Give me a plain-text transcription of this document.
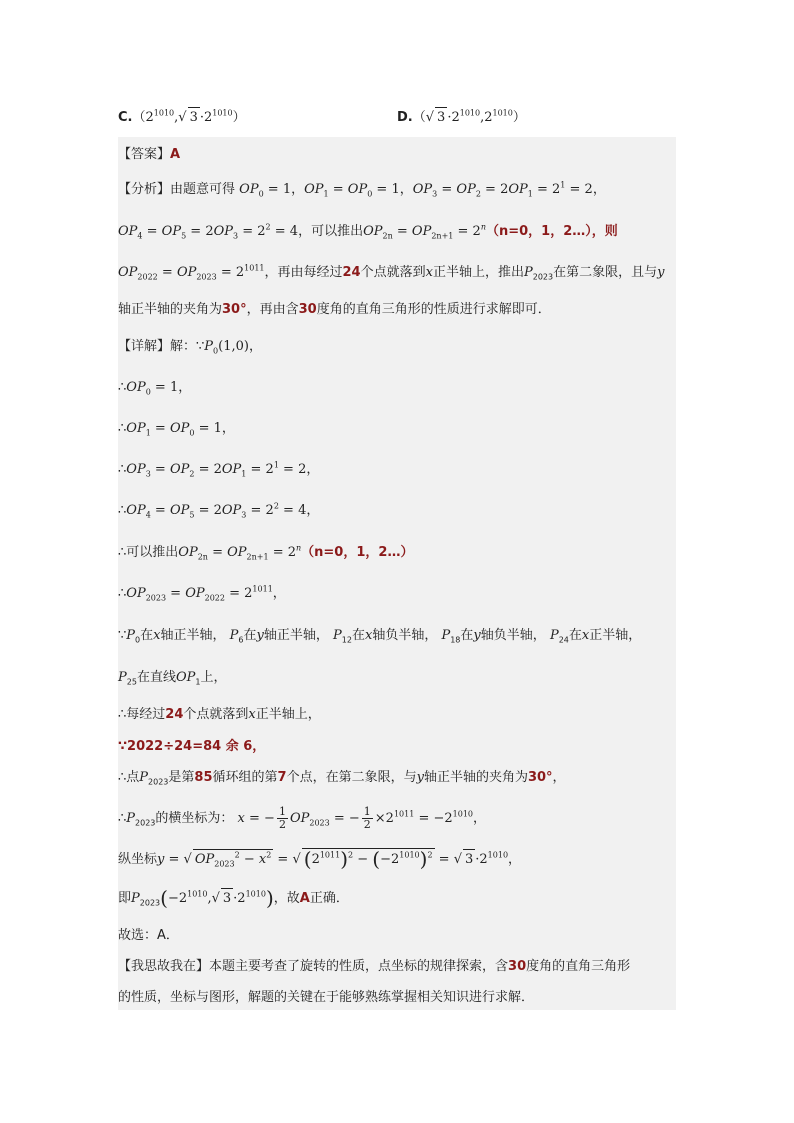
$C.(2^{1010},√$ $3 \cdot 2^{1010}$）	D.（√ $3 \cdot 2^{1010},2^{1010}$）
【答案】A
【分析】由题意可得 $OP_0 = 1$，$OP_1 = OP_0 = 1$，$OP_3 = OP_2 = 2OP_1 = 2^1 = 2$，
$OP_4 = OP_5 = 2OP_3 = 2^2 = 4$，可以推出$OP_{2n} = OP_{2n+1} = 2^n(n=0$，1，2…），则
$OP_{2022} = OP_{2023} = 2^{1011}$，再由每经过24个点就落到x正半轴上，推出$P_{2023}$在第二象限，且与y
轴正半轴的夹角为30°，再由含30度角的直角三角形的性质进行求解即可．
【详解】解：$\because P_0(1,0)$，
$\therefore OP_0 = 1$，
$\therefore OP_1 = OP_0 = 1$，
$\therefore OP_3 = OP_2 = 2OP_1 = 2^1 = 2$，
$\therefore OP_4 = OP_5 = 2OP_3 = 2^2 = 4$，
∴可以推出$OP_{2n} = OP_{2n+1} = 2^n(n=0$，1，2…）
$\therefore OP_{2023} = OP_{2022} = 2^{1011}$，
$\because P_0$在x轴正半轴， $P_6$在y轴正半轴， $P_{12}$在x轴负半轴， $P_{18}$在y轴负半轴， $P_{24}$在x正半轴，
$P_{25}$在直线$OP_1$上，
∴每经过24个点就落到x正半轴上，
∵2022÷24=84 余 6，
∴点$P_{2023}$是第85循环组的第7个点，在第二象限，与y轴正半轴的夹角为30°，
$\therefore P_{2023}$的横坐标为： x = − $\frac{1}{2} OP_{2023}$ = − $\frac{1}{2} \times 2^{1011} = -2^{1010}$，
纵坐标y = √ $OP_{2023}^2 - x^2$ = √ $(2^{1011})^2 - (-2^{1010})^2$ = √ $3 \cdot 2^{1010}$，
即$P_{2023}(-2^{1010},√$ $3 \cdot 2^{1010}$)，故A正确．
故选：A．
【我思故我在】本题主要考查了旋转的性质，点坐标的规律探索，含30度角的直角三角形
的性质，坐标与图形，解题的关键在于能够熟练掌握相关知识进行求解．
